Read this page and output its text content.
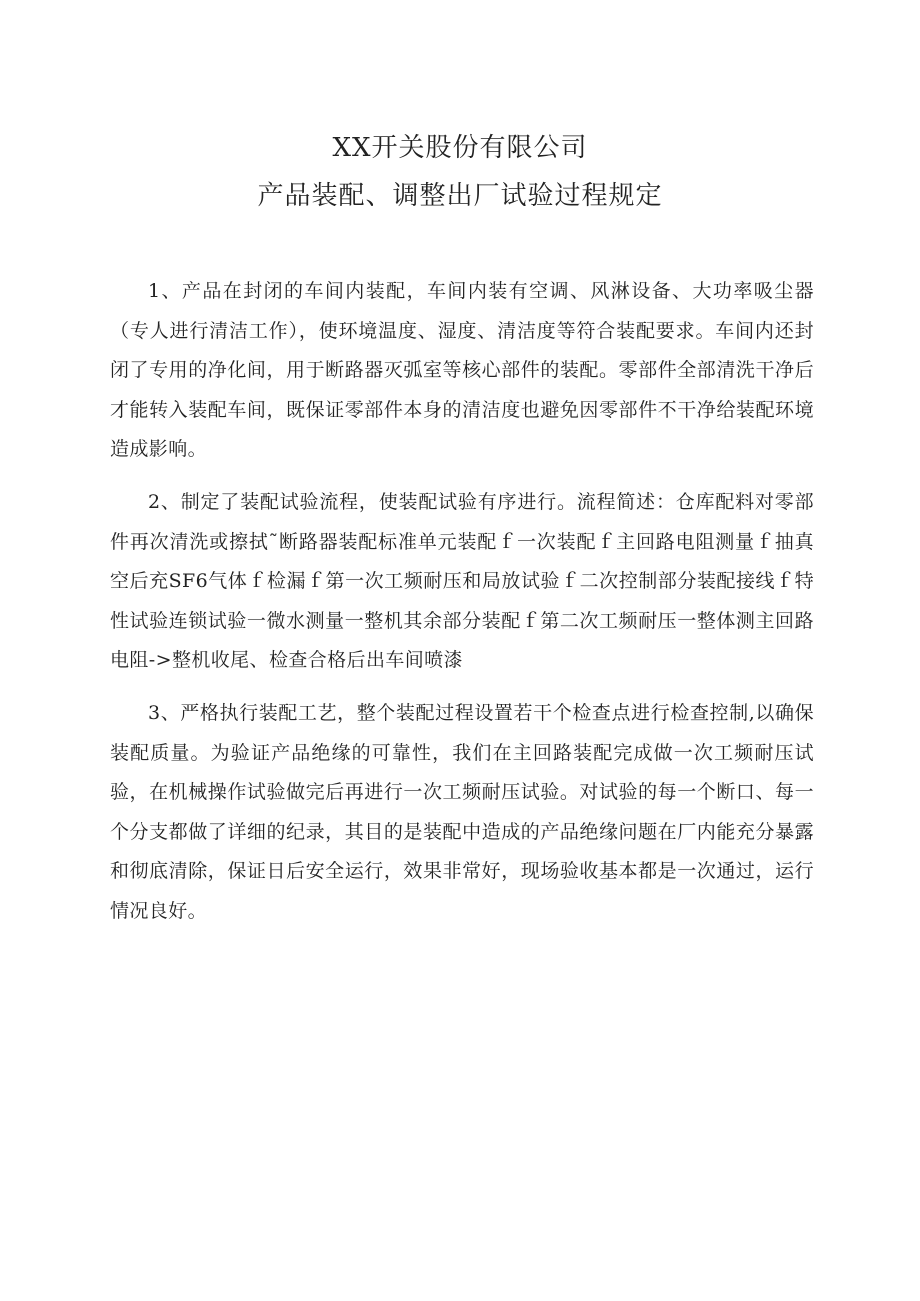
XX开关股份有限公司
产品装配、调整出厂试验过程规定

1、产品在封闭的车间内装配，车间内装有空调、风淋设备、大功率吸尘器（专人进行清洁工作），使环境温度、湿度、清洁度等符合装配要求。车间内还封闭了专用的净化间，用于断路器灭弧室等核心部件的装配。零部件全部清洗干净后才能转入装配车间，既保证零部件本身的清洁度也避免因零部件不干净给装配环境造成影响。

2、制定了装配试验流程，使装配试验有序进行。流程简述：仓库配料对零部件再次清洗或擦拭˜断路器装配标准单元装配ｆ一次装配ｆ主回路电阻测量ｆ抽真空后充SF6气体ｆ检漏ｆ第一次工频耐压和局放试验ｆ二次控制部分装配接线ｆ特性试验连锁试验一微水测量一整机其余部分装配ｆ第二次工频耐压一整体测主回路电阻->整机收尾、检查合格后出车间喷漆

3、严格执行装配工艺，整个装配过程设置若干个检查点进行检查控制,以确保装配质量。为验证产品绝缘的可靠性，我们在主回路装配完成做一次工频耐压试验，在机械操作试验做完后再进行一次工频耐压试验。对试验的每一个断口、每一个分支都做了详细的纪录，其目的是装配中造成的产品绝缘问题在厂内能充分暴露和彻底清除，保证日后安全运行，效果非常好，现场验收基本都是一次通过，运行情况良好。
